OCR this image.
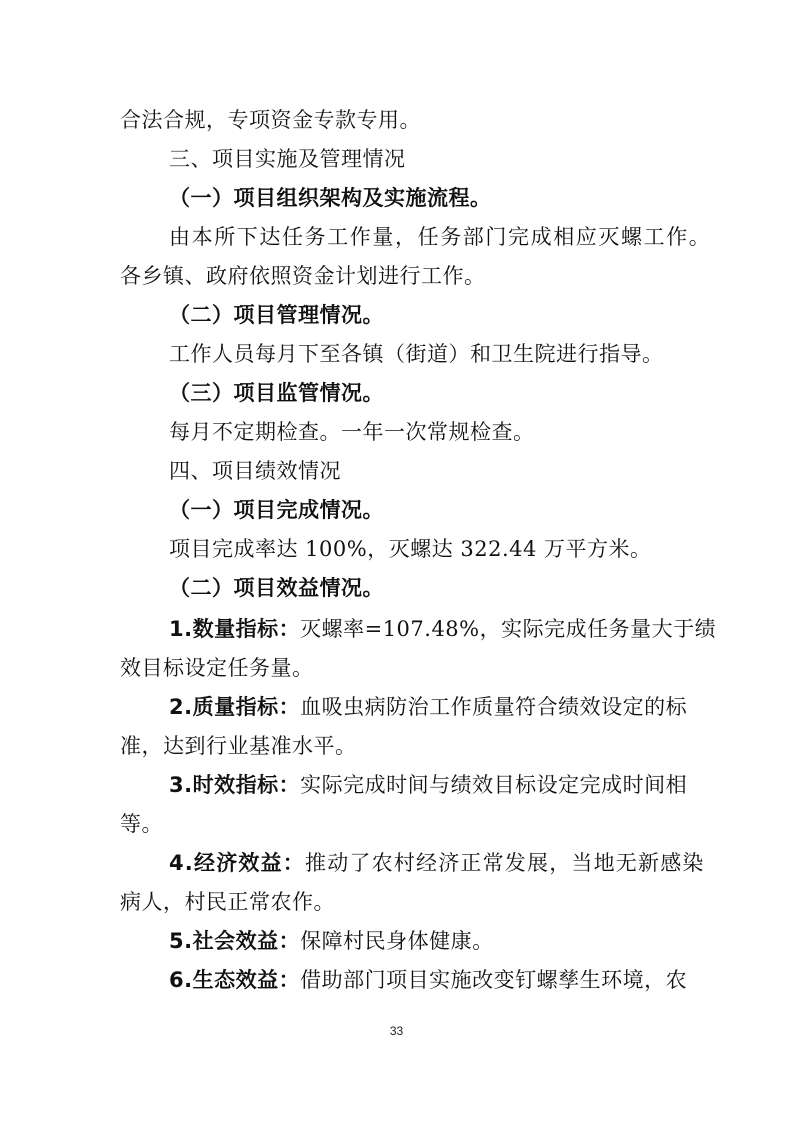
合法合规，专项资金专款专用。
三、项目实施及管理情况
（一）项目组织架构及实施流程。
由本所下达任务工作量，任务部门完成相应灭螺工作。
各乡镇、政府依照资金计划进行工作。
（二）项目管理情况。
工作人员每月下至各镇（街道）和卫生院进行指导。
（三）项目监管情况。
每月不定期检查。一年一次常规检查。
四、项目绩效情况
（一）项目完成情况。
项目完成率达 100%，灭螺达 322.44 万平方米。
（二）项目效益情况。
1.数量指标：灭螺率=107.48%，实际完成任务量大于绩
效目标设定任务量。
2.质量指标：血吸虫病防治工作质量符合绩效设定的标
准，达到行业基准水平。
3.时效指标：实际完成时间与绩效目标设定完成时间相
等。
4.经济效益：推动了农村经济正常发展，当地无新感染
病人，村民正常农作。
5.社会效益：保障村民身体健康。
6.生态效益：借助部门项目实施改变钉螺孳生环境，农
33
